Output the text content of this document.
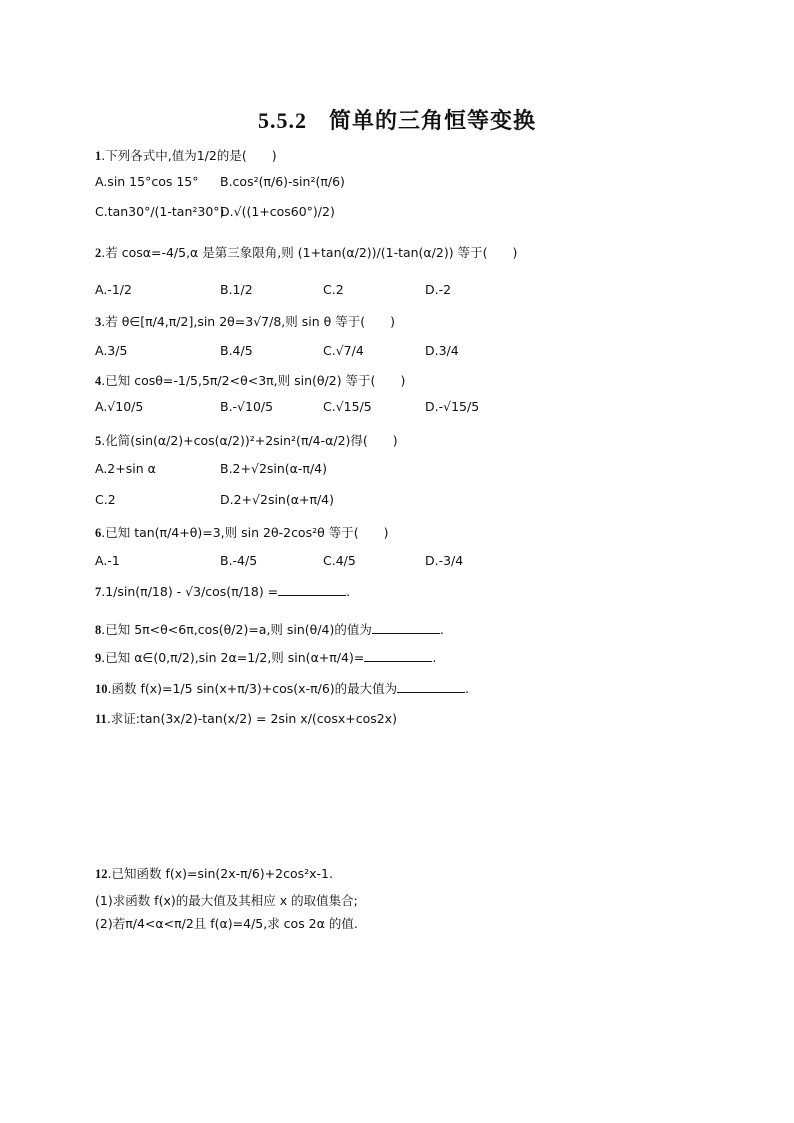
5.5.2 简单的三角恒等变换
1.下列各式中,值为1/2的是(　　)
A.sin 15°cos 15° B.cos²(π/6)-sin²(π/6)
C.tan30°/(1-tan²30°)
D.√((1+cos60°)/2)
2.若 cosα=-4/5,α 是第三象限角,则 (1+tan(α/2))/(1-tan(α/2)) 等于(　　)
A.-1/2	B.1/2	C.2	D.-2
3.若 θ∈[π/4,π/2],sin 2θ=3√7/8,则 sin θ 等于(　　)
A.3/5	B.4/5	C.√7/4	D.3/4
4.已知 cosθ=-1/5,5π/2<θ<3π,则 sin(θ/2) 等于(　　)
A.√10/5	B.-√10/5	C.√15/5	D.-√15/5
5.化简(sin(α/2)+cos(α/2))²+2sin²(π/4-α/2)得(　　)
A.2+sin α	B.2+√2sin(α-π/4)
C.2	D.2+√2sin(α+π/4)
6.已知 tan(π/4+θ)=3,则 sin 2θ-2cos²θ 等于(　　)
A.-1	B.-4/5	C.4/5	D.-3/4
7.1/sin(π/18) - √3/cos(π/18) =	.
8.已知 5π<θ<6π,cos(θ/2)=a,则 sin(θ/4)的值为	.
9.已知 α∈(0,π/2),sin 2α=1/2,则 sin(α+π/4)=	.
10.函数 f(x)=1/5 sin(x+π/3)+cos(x-π/6)的最大值为	.
11.求证:tan(3x/2)-tan(x/2) = 2sin x/(cosx+cos2x)
12.已知函数 f(x)=sin(2x-π/6)+2cos²x-1.
(1)求函数 f(x)的最大值及其相应 x 的取值集合;
(2)若π/4<α<π/2且 f(α)=4/5,求 cos 2α 的值.
